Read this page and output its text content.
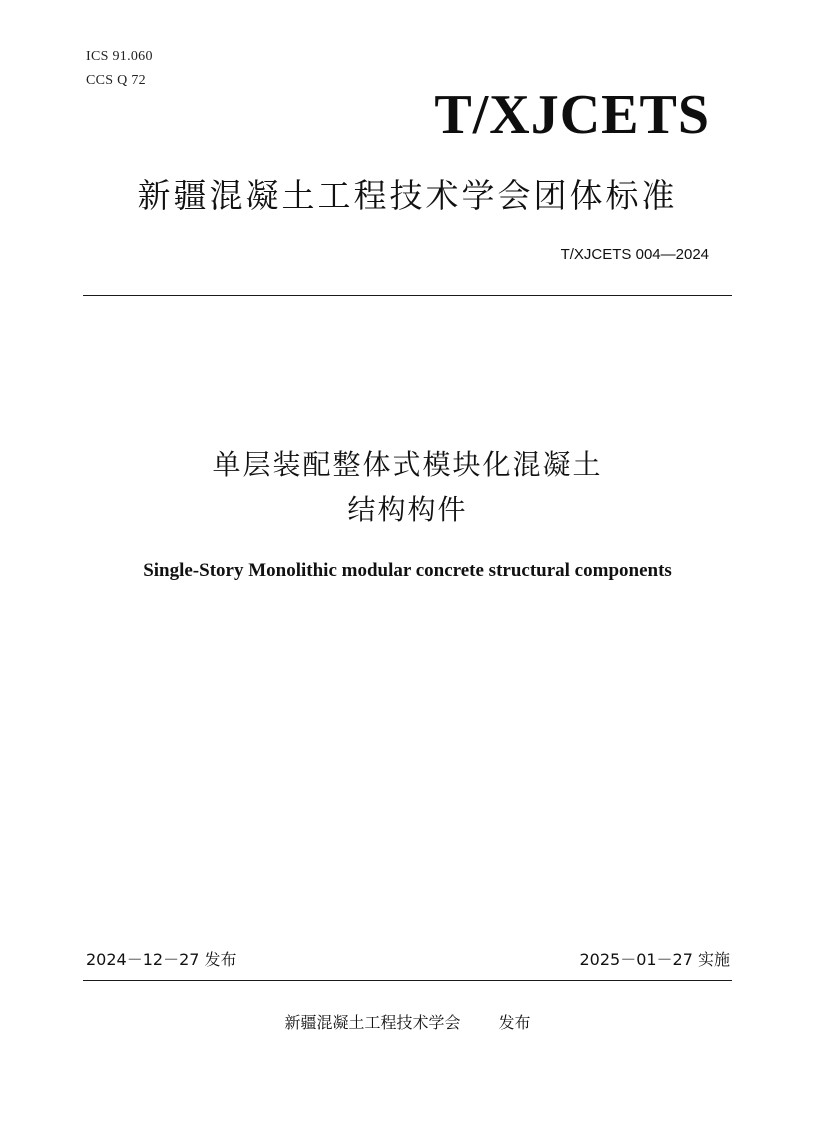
ICS 91.060
CCS Q 72
T/XJCETS
新疆混凝土工程技术学会团体标准
T/XJCETS 004—2024
单层装配整体式模块化混凝土
结构构件
Single-Story Monolithic modular concrete structural components
2024－12－27 发布	2025－01－27 实施
新疆混凝土工程技术学会 发布
